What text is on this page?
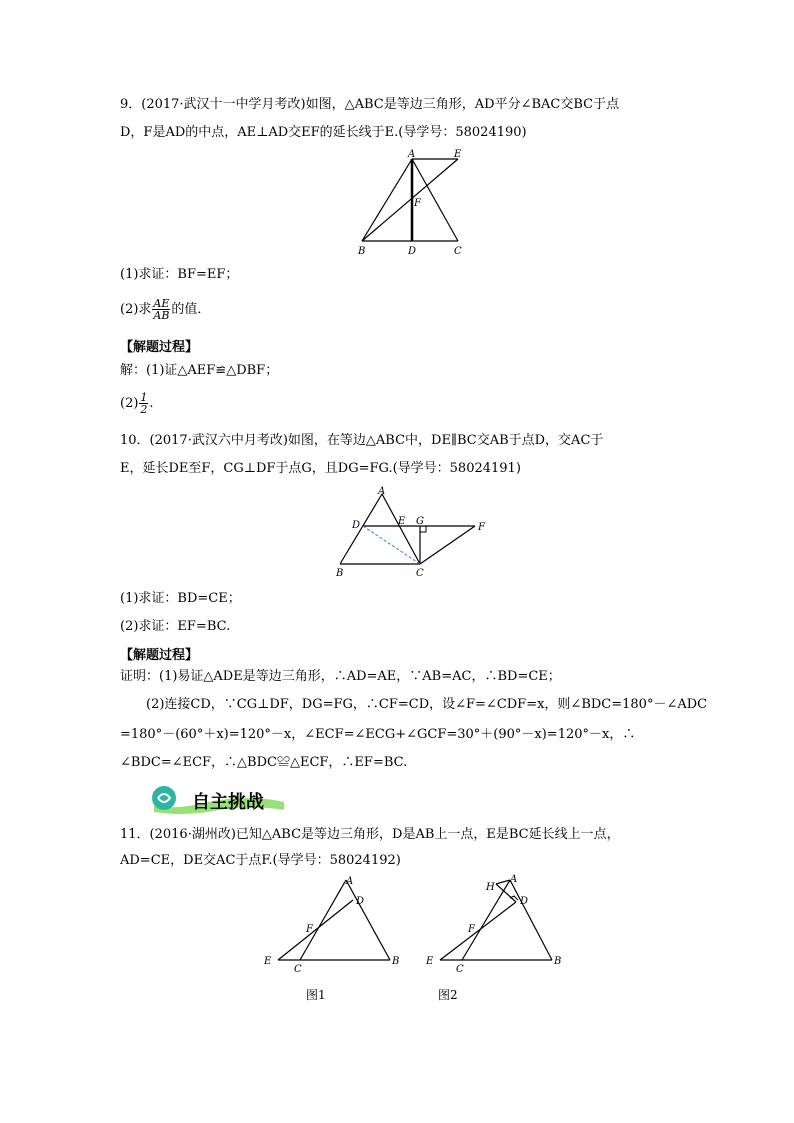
9．(2017·武汉十一中学月考改)如图，△ABC是等边三角形，AD平分∠BAC交BC于点
D，F是AD的中点，AE⊥AD交EF的延长线于E.(导学号：58024190)
A	E
F
B	D	C
(1)求证：BF=EF；
(2)求 $\frac{AE}{AB}$ 的值．
【解题过程】
解：(1)证△AEF≌△DBF；
$(2) \frac{1}{2}$ .
10．(2017·武汉六中月考改)如图，在等边△ABC中，DE∥BC交AB于点D，交AC于
E，延长DE至F，CG⊥DF于点G，且DG=FG.(导学号：58024191)
A
D	E G
F
B	C
(1)求证：BD=CE；
(2)求证：EF=BC.
【解题过程】
证明：(1)易证△ADE是等边三角形，∴AD=AE，∵AB=AC，∴BD=CE；
(2)连接CD，∵CG⊥DF，DG=FG，∴CF=CD，设∠F=∠CDF=x，则∠BDC=180°－∠ADC
=180°－(60°＋x)=120°－x，∠ECF=∠ECG+∠GCF=30°＋(90°－x)=120°－x，∴
∠BDC=∠ECF，∴△BDC≌△ECF，∴EF=BC.
自主挑战
11．(2016·湖州改)已知△ABC是等边三角形，D是AB上一点，E是BC延长线上一点，
AD=CE，DE交AC于点F.(导学号：58024192)
A
D
F
E
C
B
图1
H
A
D
F
E
C
B
图2
